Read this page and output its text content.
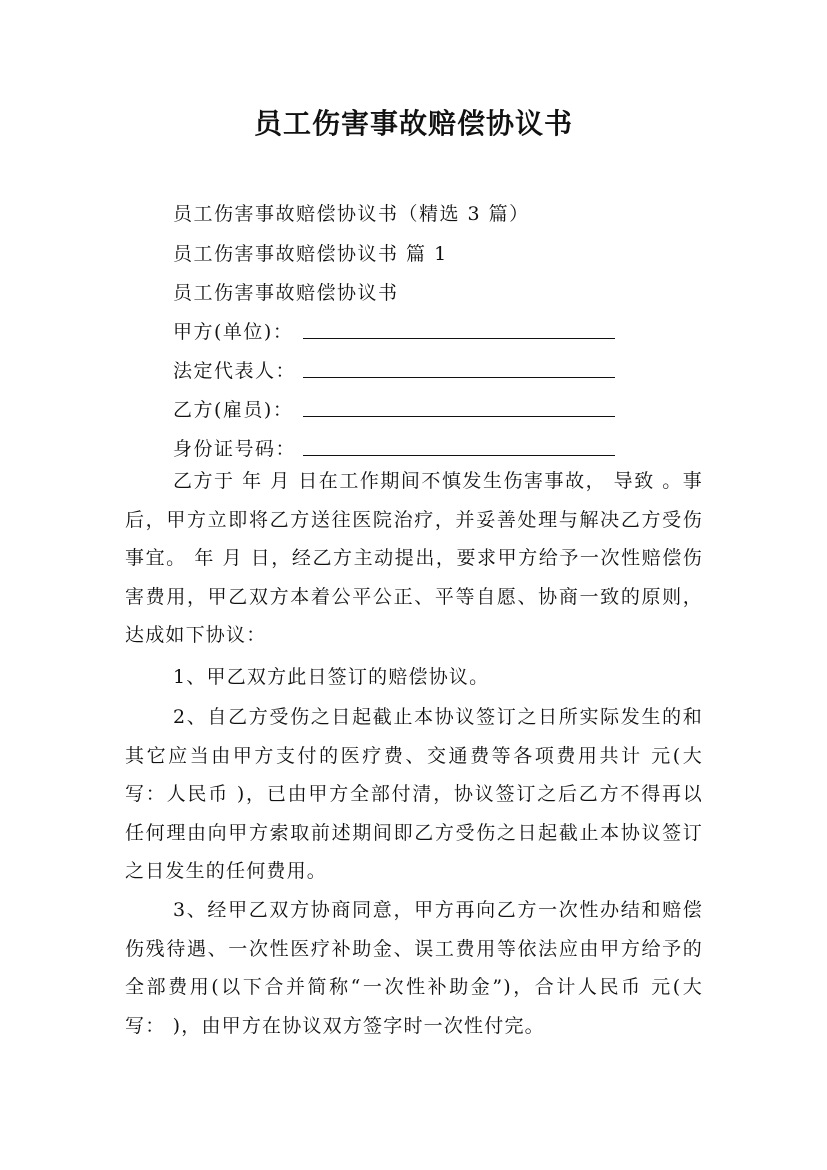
员工伤害事故赔偿协议书
员工伤害事故赔偿协议书（精选 3 篇）
员工伤害事故赔偿协议书 篇 1
员工伤害事故赔偿协议书
甲方(单位)：
法定代表人：
乙方(雇员)：
身份证号码：

乙方于 年 月 日在工作期间不慎发生伤害事故， 导致 。事后，甲方立即将乙方送往医院治疗，并妥善处理与解决乙方受伤事宜。 年 月 日，经乙方主动提出，要求甲方给予一次性赔偿伤害费用，甲乙双方本着公平公正、平等自愿、协商一致的原则，达成如下协议：

1、甲乙双方此日签订的赔偿协议。

2、自乙方受伤之日起截止本协议签订之日所实际发生的和其它应当由甲方支付的医疗费、交通费等各项费用共计 元(大写：人民币 )，已由甲方全部付清，协议签订之后乙方不得再以任何理由向甲方索取前述期间即乙方受伤之日起截止本协议签订之日发生的任何费用。

3、经甲乙双方协商同意，甲方再向乙方一次性办结和赔偿伤残待遇、一次性医疗补助金、误工费用等依法应由甲方给予的全部费用(以下合并简称“一次性补助金”)，合计人民币 元(大写： )，由甲方在协议双方签字时一次性付完。
